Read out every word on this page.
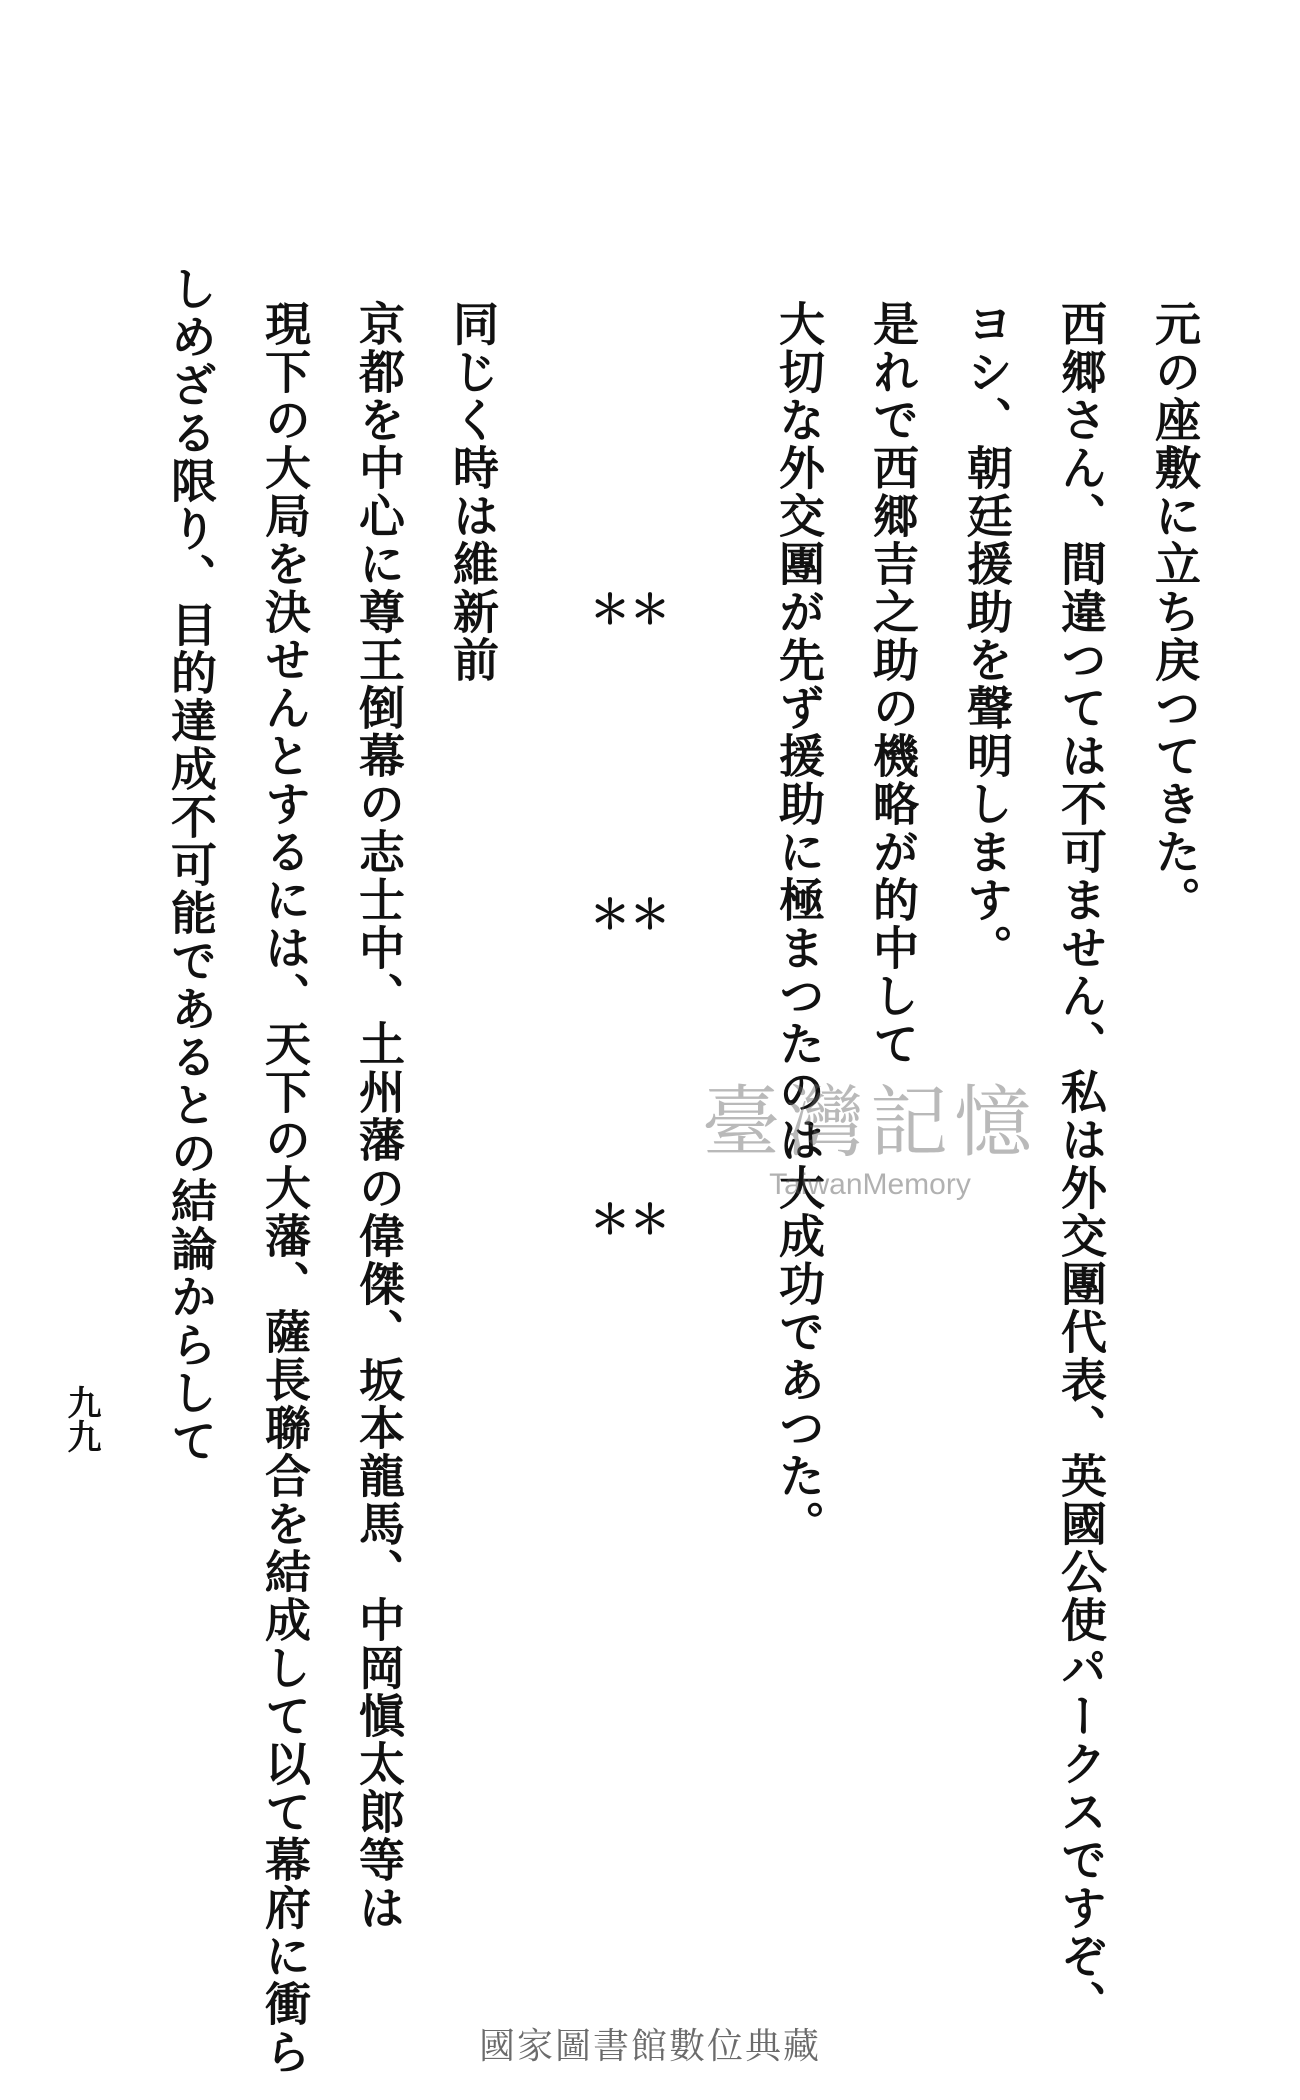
元の座敷に立ち戻つてきた。
西郷さん、間違つては不可ません、私は外交團代表、英國公使パークスですぞ、
ヨシ、朝廷援助を聲明します。
是れで西郷吉之助の機略が的中して
大切な外交團が先ず援助に極まつたのは大成功であつた。
＊＊
＊＊
＊＊
同じく時は維新前
京都を中心に尊王倒幕の志士中、土州藩の偉傑、坂本龍馬、中岡愼太郎等は
現下の大局を決せんとするには、天下の大藩、薩長聯合を結成して以て幕府に衝ら
しめざる限り、目的達成不可能であるとの結論からして
九九
臺灣記憶
TaiwanMemory
國家圖書館數位典藏
